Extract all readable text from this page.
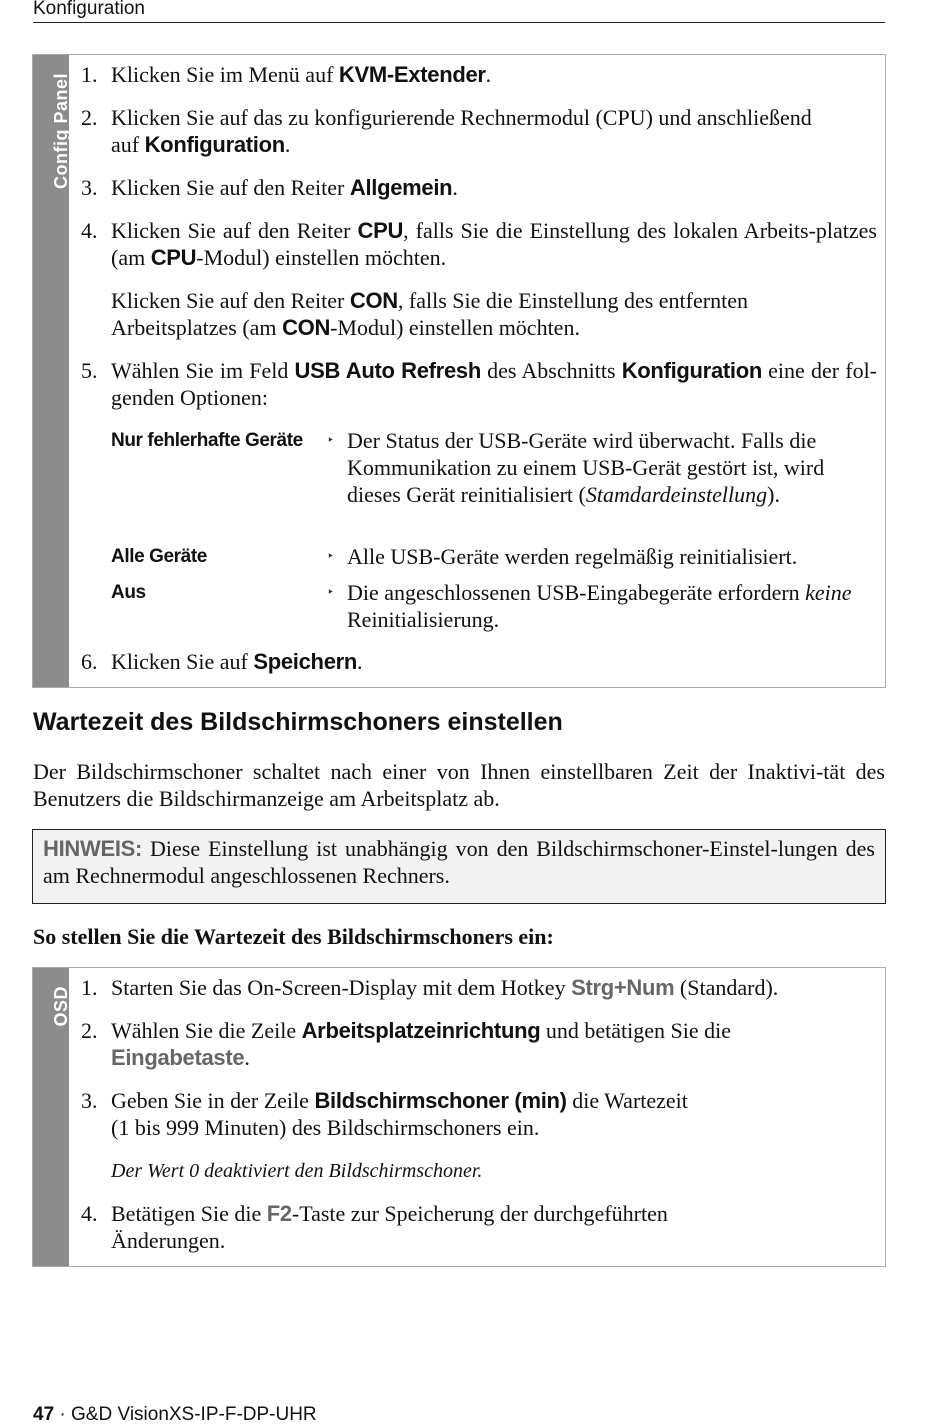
Konfiguration
Config Panel 1. Klicken Sie im Menü auf KVM-Extender.
2. Klicken Sie auf das zu konfigurierende Rechnermodul (CPU) und anschließend auf Konfiguration.
3. Klicken Sie auf den Reiter Allgemein.
4. Klicken Sie auf den Reiter CPU, falls Sie die Einstellung des lokalen Arbeits-platzes (am CPU-Modul) einstellen möchten.
Klicken Sie auf den Reiter CON, falls Sie die Einstellung des entfernten Arbeitsplatzes (am CON-Modul) einstellen möchten.
5. Wählen Sie im Feld USB Auto Refresh des Abschnitts Konfiguration eine der fol-genden Optionen:
Nur fehlerhafte Geräte ‣ Der Status der USB-Geräte wird überwacht. Falls die Kommunikation zu einem USB-Gerät gestört ist, wird dieses Gerät reinitialisiert (Stamdardeinstellung).
Alle Geräte	‣ Alle USB-Geräte werden regelmäßig reinitialisiert.
Aus	‣ Die angeschlossenen USB-Eingabegeräte erfordern keine Reinitialisierung.
6. Klicken Sie auf Speichern.
Wartezeit des Bildschirmschoners einstellen
Der Bildschirmschoner schaltet nach einer von Ihnen einstellbaren Zeit der Inaktivi-tät des Benutzers die Bildschirmanzeige am Arbeitsplatz ab.
HINWEIS: Diese Einstellung ist unabhängig von den Bildschirmschoner-Einstel-lungen des am Rechnermodul angeschlossenen Rechners.
So stellen Sie die Wartezeit des Bildschirmschoners ein:
OSD 1. Starten Sie das On-Screen-Display mit dem Hotkey Strg+Num (Standard).
2. Wählen Sie die Zeile Arbeitsplatzeinrichtung und betätigen Sie die Eingabetaste.
3. Geben Sie in der Zeile Bildschirmschoner (min) die Wartezeit
(1 bis 999 Minuten) des Bildschirmschoners ein.
Der Wert 0 deaktiviert den Bildschirmschoner.
4. Betätigen Sie die F2-Taste zur Speicherung der durchgeführten Änderungen.
47 · G&D VisionXS-IP-F-DP-UHR
